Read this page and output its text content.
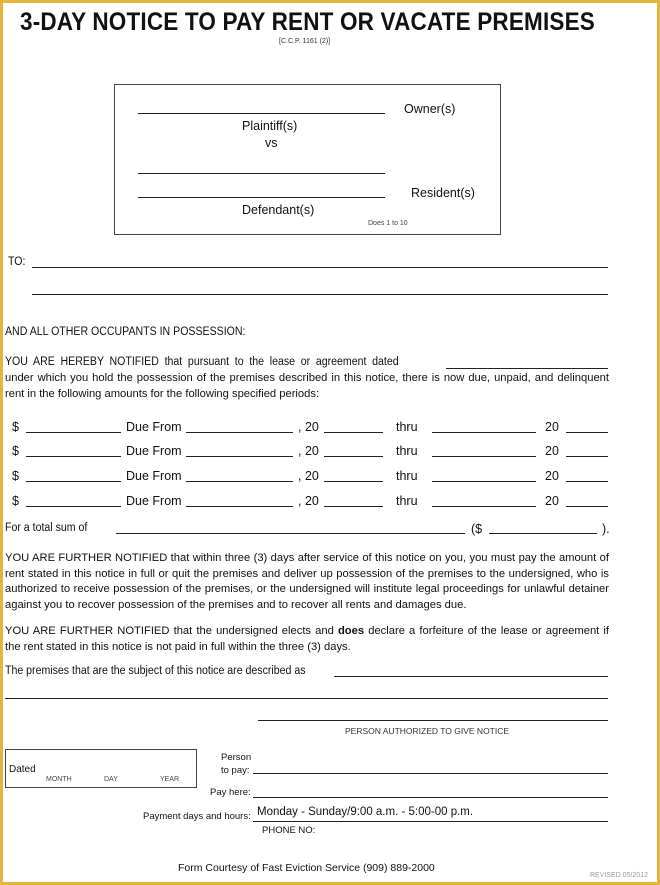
3-DAY NOTICE TO PAY RENT OR VACATE PREMISES
[C.C.P. 1161 (2)]
Owner(s)
Plaintiff(s)
vs
Resident(s)
Defendant(s)
Does 1 to 10
TO:
AND ALL OTHER OCCUPANTS IN POSSESSION:
YOU ARE HEREBY NOTIFIED that pursuant to the lease or agreement dated
under which you hold the possession of the premises described in this notice, there is now due, unpaid, and delinquent rent in the following amounts for the following specified periods:
$	Due From	, 20	thru	20
$	Due From	, 20	thru	20
$	Due From	, 20	thru	20
$	Due From	, 20	thru	20
For a total sum of	($	).
YOU ARE FURTHER NOTIFIED that within three (3) days after service of this notice on you, you must pay the amount of rent stated in this notice in full or quit the premises and deliver up possession of the premises to the undersigned, who is authorized to receive possession of the premises, or the undersigned will institute legal proceedings for unlawful detainer against you to recover possession of the premises and to recover all rents and damages due.
YOU ARE FURTHER NOTIFIED that the undersigned elects and does declare a forfeiture of the lease or agreement if the rent stated in this notice is not paid in full within the three (3) days.
The premises that are the subject of this notice are described as
PERSON AUTHORIZED TO GIVE NOTICE
Dated
MONTH	DAY	YEAR
Person
to pay:
Pay here:
Payment days and hours: Monday - Sunday/9:00 a.m. - 5:00-00 p.m.
PHONE NO:
Form Courtesy of Fast Eviction Service (909) 889-2000
REVISED 05/2012
